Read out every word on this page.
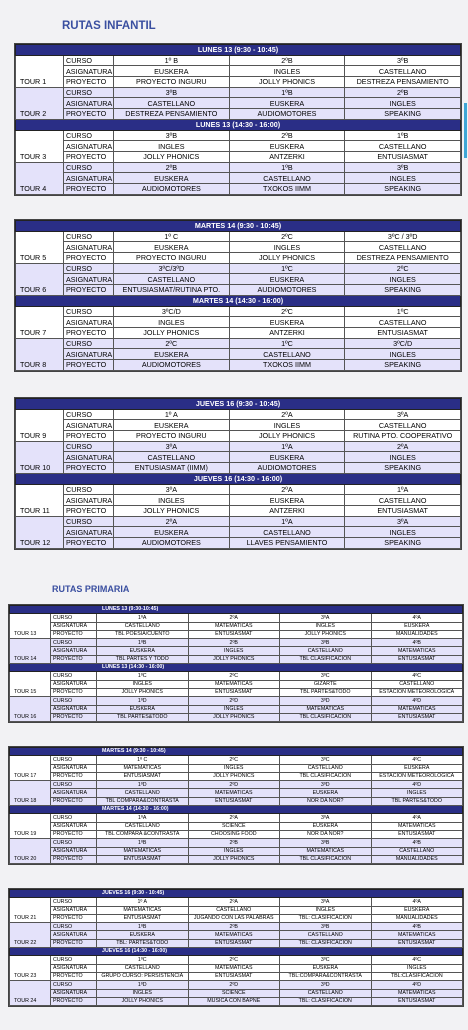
RUTAS INFANTIL
LUNES 13 (9:30 - 10:45)				
TOUR 1	CURSO	1º B	2ºB	3ºB
	ASIGNATURA	EUSKERA	INGLES	CASTELLANO
	PROYECTO	PROYECTO INGURU	JOLLY PHONICS	DESTREZA PENSAMIENTO
TOUR 2	CURSO	3ºB	1ºB	2ºB
	ASIGNATURA	CASTELLANO	EUSKERA	INGLES
	PROYECTO	DESTREZA PENSAMIENTO	AUDIOMOTORES	SPEAKING
LUNES 13 (14:30 - 16:00)				
TOUR 3	CURSO	3ºB	2ºB	1ºB
	ASIGNATURA	INGLES	EUSKERA	CASTELLANO
	PROYECTO	JOLLY PHONICS	ANTZERKI	ENTUSIASMAT
TOUR 4	CURSO	2ºB	1ºB	3ºB
	ASIGNATURA	EUSKERA	CASTELLANO	INGLES
	PROYECTO	AUDIOMOTORES	TXOKOS IIMM	SPEAKING
MARTES 14 (9:30 - 10:45)				
TOUR 5	CURSO	1º C	2ºC	3ºC / 3ºD
	ASIGNATURA	EUSKERA	INGLES	CASTELLANO
	PROYECTO	PROYECTO INGURU	JOLLY PHONICS	DESTREZA PENSAMIENTO
TOUR 6	CURSO	3ºC/3ºD	1ºC	2ºC
	ASIGNATURA	CASTELLANO	EUSKERA	INGLES
	PROYECTO	ENTUSIASMAT/RUTINA PTO.	AUDIOMOTORES	SPEAKING
MARTES 14 (14:30 - 16:00)				
TOUR 7	CURSO	3ºC/D	2ºC	1ºC
	ASIGNATURA	INGLES	EUSKERA	CASTELLANO
	PROYECTO	JOLLY PHONICS	ANTZERKI	ENTUSIASMAT
TOUR 8	CURSO	2ºC	1ºC	3ºC/D
	ASIGNATURA	EUSKERA	CASTELLANO	INGLES
	PROYECTO	AUDIOMOTORES	TXOKOS IIMM	SPEAKING
JUEVES 16 (9:30 - 10:45)				
TOUR 9	CURSO	1º A	2ºA	3ºA
	ASIGNATURA	EUSKERA	INGLES	CASTELLANO
	PROYECTO	PROYECTO INGURU	JOLLY PHONICS	RUTINA PTO. COOPERATIVO
TOUR 10	CURSO	3ºA	1ºA	2ºA
	ASIGNATURA	CASTELLANO	EUSKERA	INGLES
	PROYECTO	ENTUSIASMAT (IIMM)	AUDIOMOTORES	SPEAKING
JUEVES 16 (14:30 - 16:00)				
TOUR 11	CURSO	3ºA	2ºA	1ºA
	ASIGNATURA	INGLES	EUSKERA	CASTELLANO
	PROYECTO	JOLLY PHONICS	ANTZERKI	ENTUSIASMAT
TOUR 12	CURSO	2ºA	1ºA	3ºA
	ASIGNATURA	EUSKERA	CASTELLANO	INGLES
	PROYECTO	AUDIOMOTORES	LLAVES PENSAMIENTO	SPEAKING
RUTAS PRIMARIA
LUNES 13 (9:30-10:45)					
TOUR 13	CURSO	1ºA	2ºA	3ºA	4ºA
	ASIGNATURA	CASTELLANO	MATEMATICAS	INGLES	EUSKERA
	PROYECTO	TBL POESIA/CUENTO	ENTUSIASMAT	JOLLY PHONICS	MANUALIDADES
TOUR 14	CURSO	1ºB	2ºB	3ºB	4ºB
	ASIGNATURA	EUSKERA	INGLES	CASTELLANO	MATEMATICAS
	PROYECTO	TBL PARTES Y TODO	JOLLY PHONICS	TBL CLASIFICACIÓN	ENTUSIASMAT
LUNES 13 (14:30 - 16:00)					
TOUR 15	CURSO	1ºC	2ºC	3ºC	4ºC
	ASIGNATURA	INGLES	MATEMATICAS	GIZARTE	CASTELLANO
	PROYECTO	JOLLY PHONICS	ENTUSIASMAT	TBL PARTES&TODO	ESTACIÓN METEOROLÓGICA
TOUR 16	CURSO	1ºD	2ºD	3ºD	4ºD
	ASIGNATURA	EUSKERA	INGLES	MATEMATICAS	MATEMATICAS
	PROYECTO	TBL PARTES&TODO	JOLLY PHONICS	TBL CLASIFICACIÓN	ENTUSIASMAT
MARTES 14 (9:30 - 10:45)					
TOUR 17	CURSO	1º C	2ºC	3ºC	4ºC
	ASIGNATURA	MATEMATICAS	INGLES	CASTELLANO	EUSKERA
	PROYECTO	ENTUSIASMAT	JOLLY PHONICS	TBL CLASIFICACIÓN	ESTACIÓN METEOROLÓGICA
TOUR 18	CURSO	1ºD	2ºD	3ºD	4ºD
	ASIGNATURA	CASTELLANO	MATEMATICAS	EUSKERA	INGLES
	PROYECTO	TBL COMPARA&CONTRASTA	ENTUSIASMAT	NOR DA NOR?	TBL PARTES&TODO
MARTES 14 (14:30 - 16:00)					
TOUR 19	CURSO	1ºA	2ºA	3ºA	4ºA
	ASIGNATURA	CASTELLANO	SCIENCE	EUSKERA	MATEMATICAS
	PROYECTO	TBL COMPARA &CONTRASTA	CHOOSING FOOD	NOR DA NOR?	ENTUSIASMAT
TOUR 20	CURSO	1ºB	2ºB	3ºB	4ºB
	ASIGNATURA	MATEMATICAS	INGLES	MATEMATICAS	CASTELLANO
	PROYECTO	ENTUSIASMAT	JOLLY PHONICS	TBL CLASIFICACIÓN	MANUALIDADES
JUEVES 16 (9:30 - 10:45)					
TOUR 21	CURSO	1º A	2ºA	3ºA	4ºA
	ASIGNATURA	MATEMÁTICAS	CASTELLANO	INGLES	EUSKERA
	PROYECTO	ENTUSIASMAT	JUGANDO CON LAS PALABRAS	TBL: CLASIFICACIÓN	MANUALIDADES
TOUR 22	CURSO	1ºB	2ºB	3ºB	4ºB
	ASIGNATURA	EUSKERA	MATEMATICAS	CASTELLANO	MATEMATICAS
	PROYECTO	TBL: PARTES&TODO	ENTUSIASMAT	TBL: CLASIFICACIÓN	ENTUSIASMAT
JUEVES 16 (14:30 - 16:00)					
TOUR 23	CURSO	1ºC	2ºC	3ºC	4ºC
	ASIGNATURA	CASTELLANO	MATEMATICAS	EUSKERA	INGLES
	PROYECTO	GRUPO CURSO: PERSISTENCIA	ENTUSIASMAT	TBL:COMPARA&CONTRASTA	TBL:CLASIFICACIÓN
TOUR 24	CURSO	1ºD	2ºD	3ºD	4ºD
	ASIGNATURA	INGLES	SCIENCE	CASTELLANO	MATEMATICAS
	PROYECTO	JOLLY PHONICS	MÚSICA CON BAPNE	TBL: CLASIFICACIÓN	ENTUSIASMAT
